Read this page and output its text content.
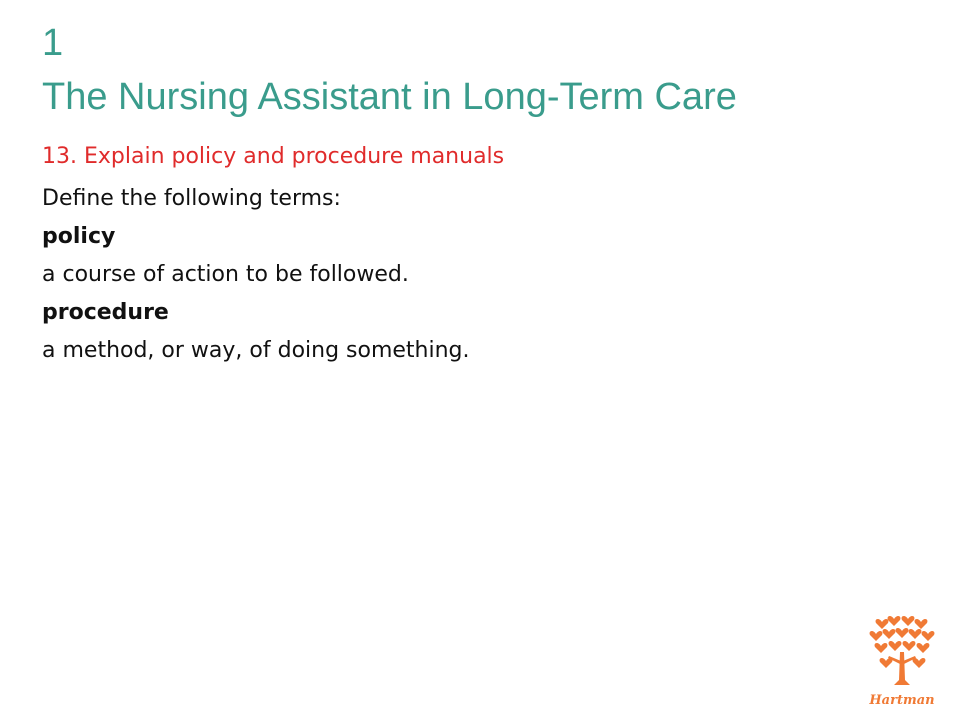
1
The Nursing Assistant in Long-Term Care
13. Explain policy and procedure manuals
Define the following terms:
policy
a course of action to be followed.
procedure
a method, or way, of doing something.
Hartman
